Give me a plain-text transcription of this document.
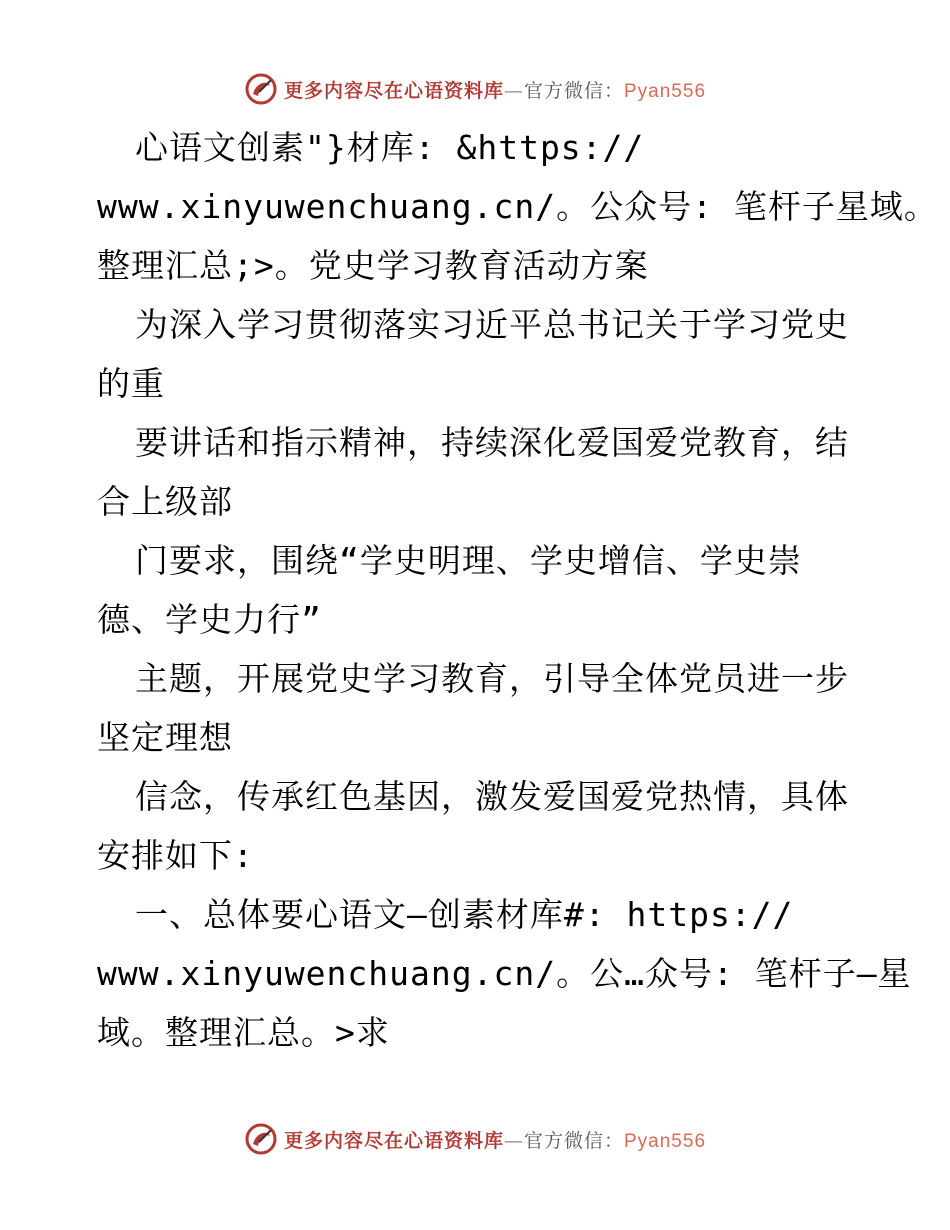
更多内容尽在心语资料库—官方微信：Pyan556
心语文创素"}材库: &https://
www.xinyuwenchuang.cn/。公众号: 笔杆子星域。
整理汇总;>。党史学习教育活动方案
为深入学习贯彻落实习近平总书记关于学习党史
的重
要讲话和指示精神，持续深化爱国爱党教育，结
合上级部
门要求，围绕“学史明理、学史增信、学史崇
德、学史力行”
主题，开展党史学习教育，引导全体党员进一步
坚定理想
信念，传承红色基因，激发爱国爱党热情，具体
安排如下:
一、总体要心语文—创素材库#: https://
www.xinyuwenchuang.cn/。公…众号: 笔杆子—星
域。整理汇总。>求
更多内容尽在心语资料库—官方微信：Pyan556
